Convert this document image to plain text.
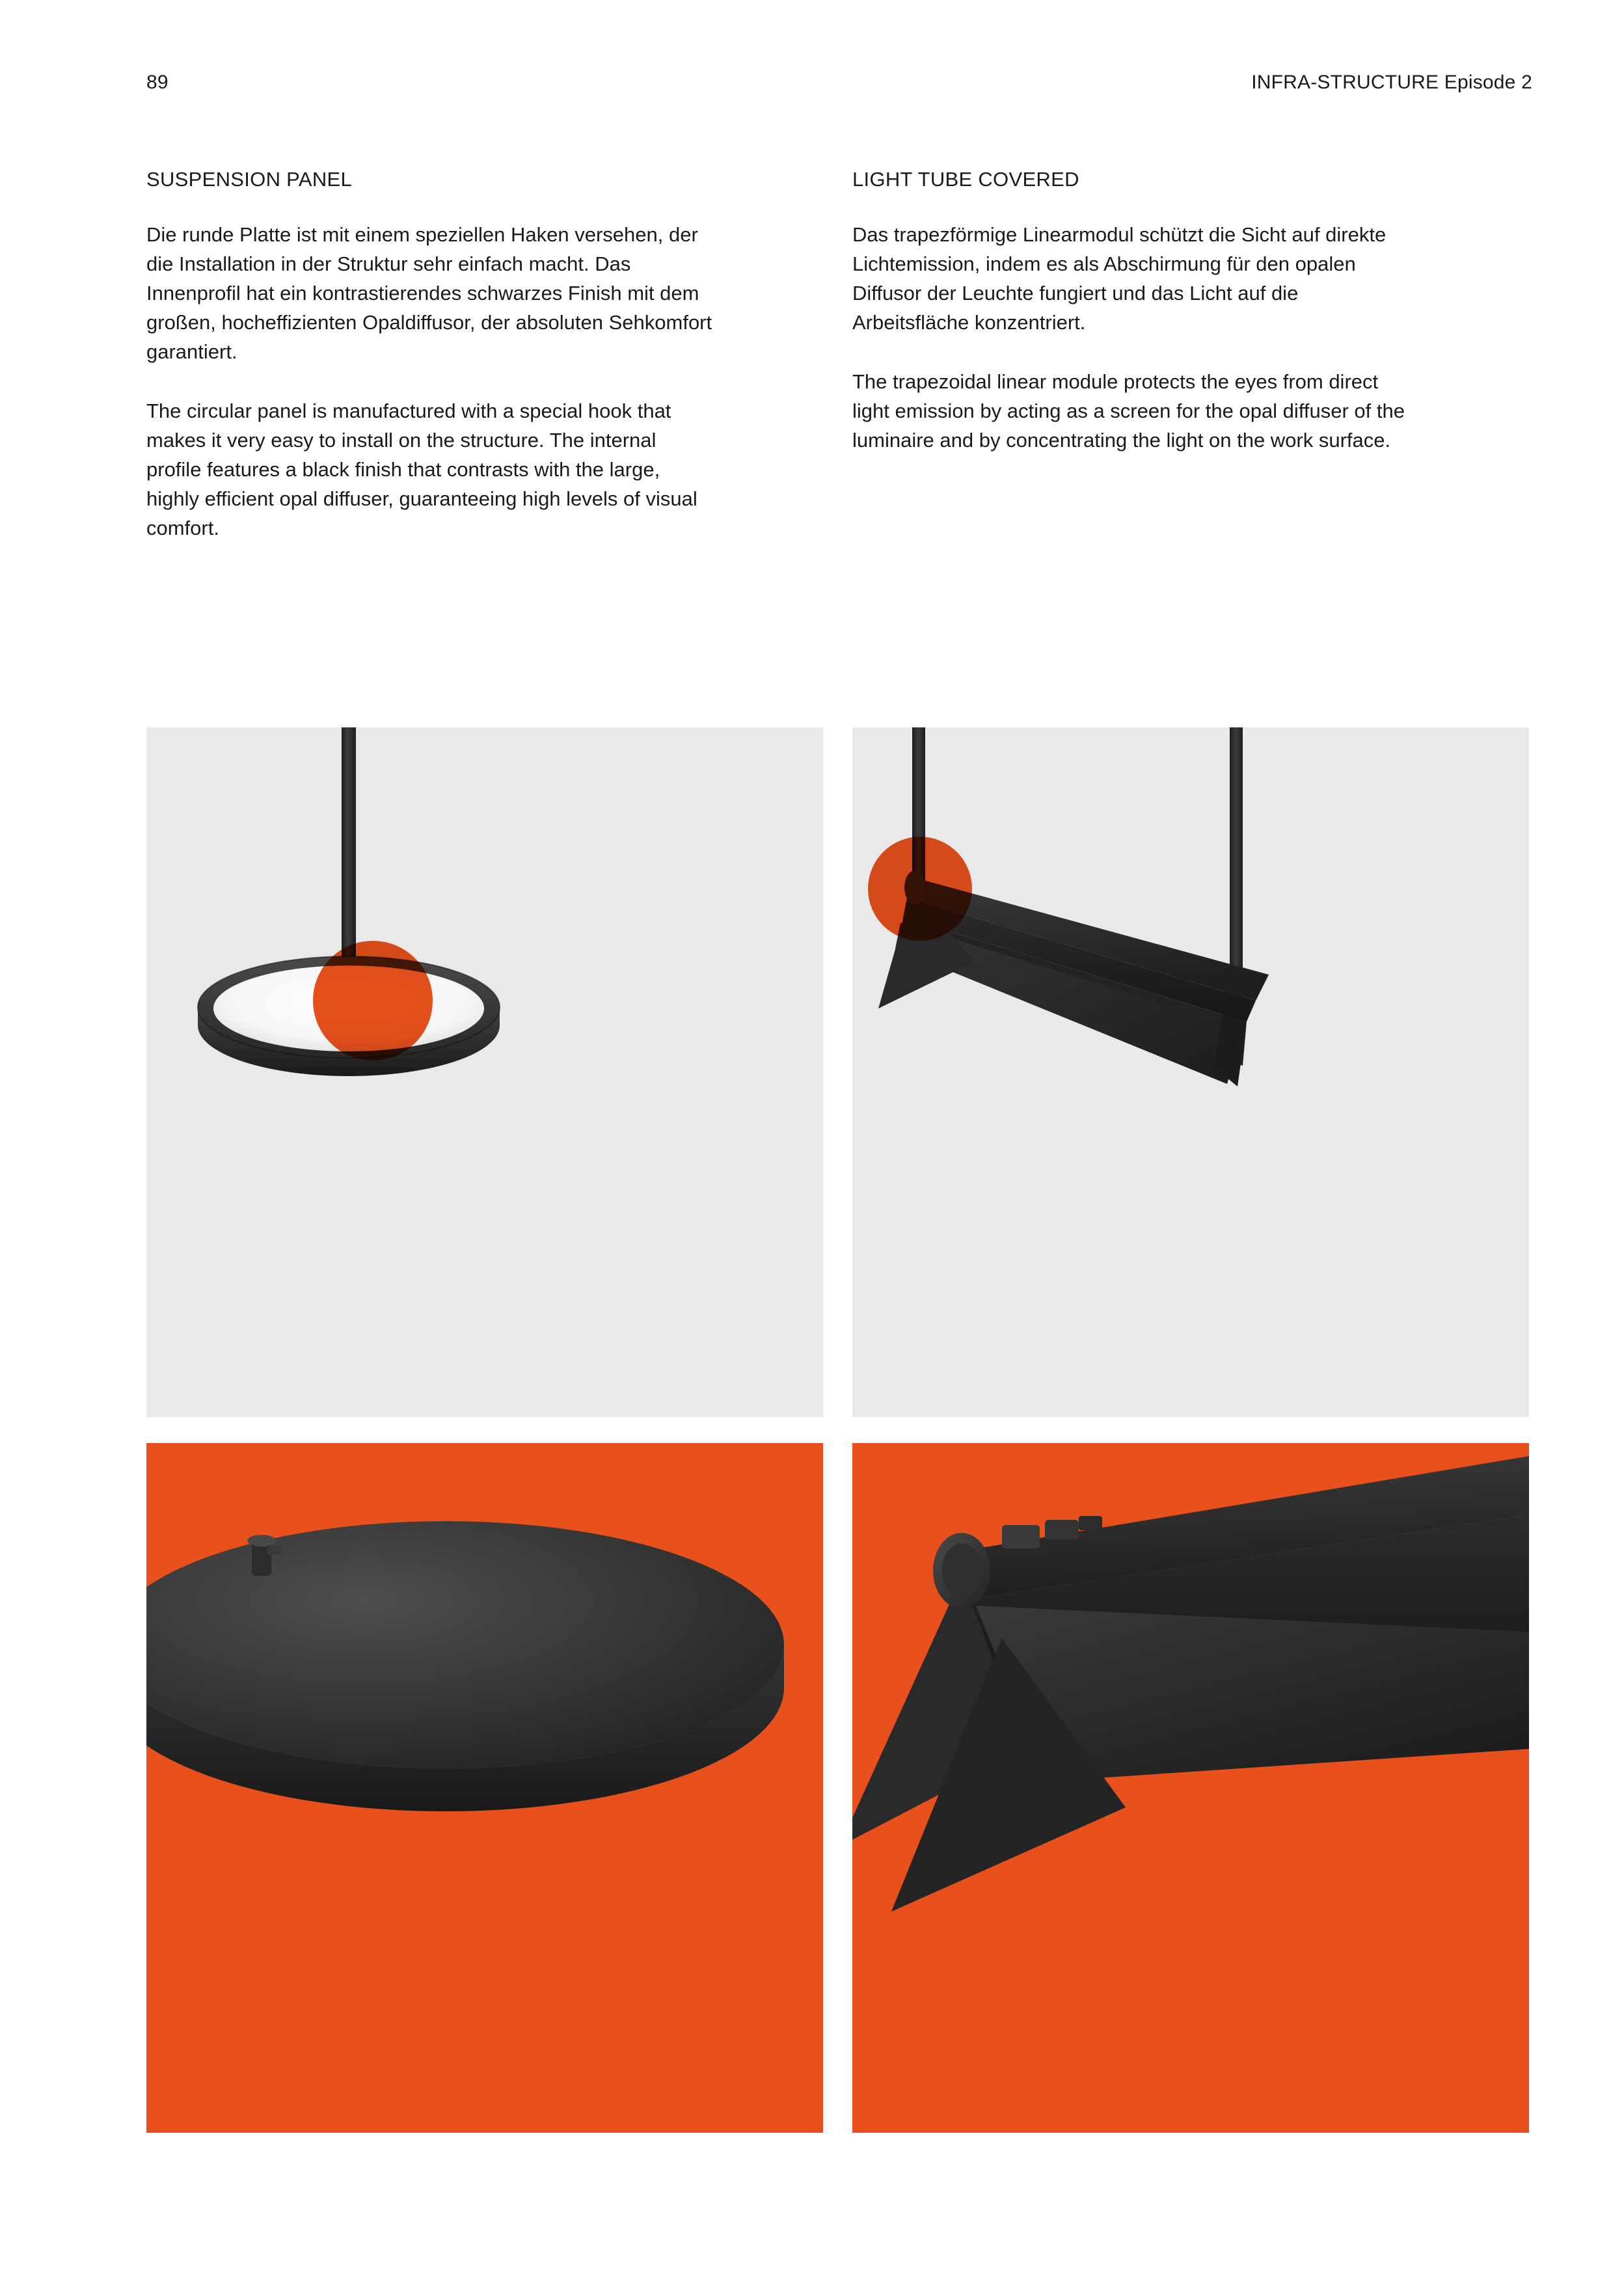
89	INFRA-STRUCTURE Episode 2
SUSPENSION PANEL

Die runde Platte ist mit einem speziellen Haken versehen, der die Installation in der Struktur sehr einfach macht. Das Innenprofil hat ein kontrastierendes schwarzes Finish mit dem großen, hocheffizienten Opaldiffusor, der absoluten Sehkomfort garantiert.

The circular panel is manufactured with a special hook that makes it very easy to install on the structure. The internal profile features a black finish that contrasts with the large, highly efficient opal diffuser, guaranteeing high levels of visual comfort.

LIGHT TUBE COVERED

Das trapezförmige Linearmodul schützt die Sicht auf direkte Lichtemission, indem es als Abschirmung für den opalen Diffusor der Leuchte fungiert und das Licht auf die Arbeitsfläche konzentriert.

The trapezoidal linear module protects the eyes from direct light emission by acting as a screen for the opal diffuser of the luminaire and by concentrating the light on the work surface.
